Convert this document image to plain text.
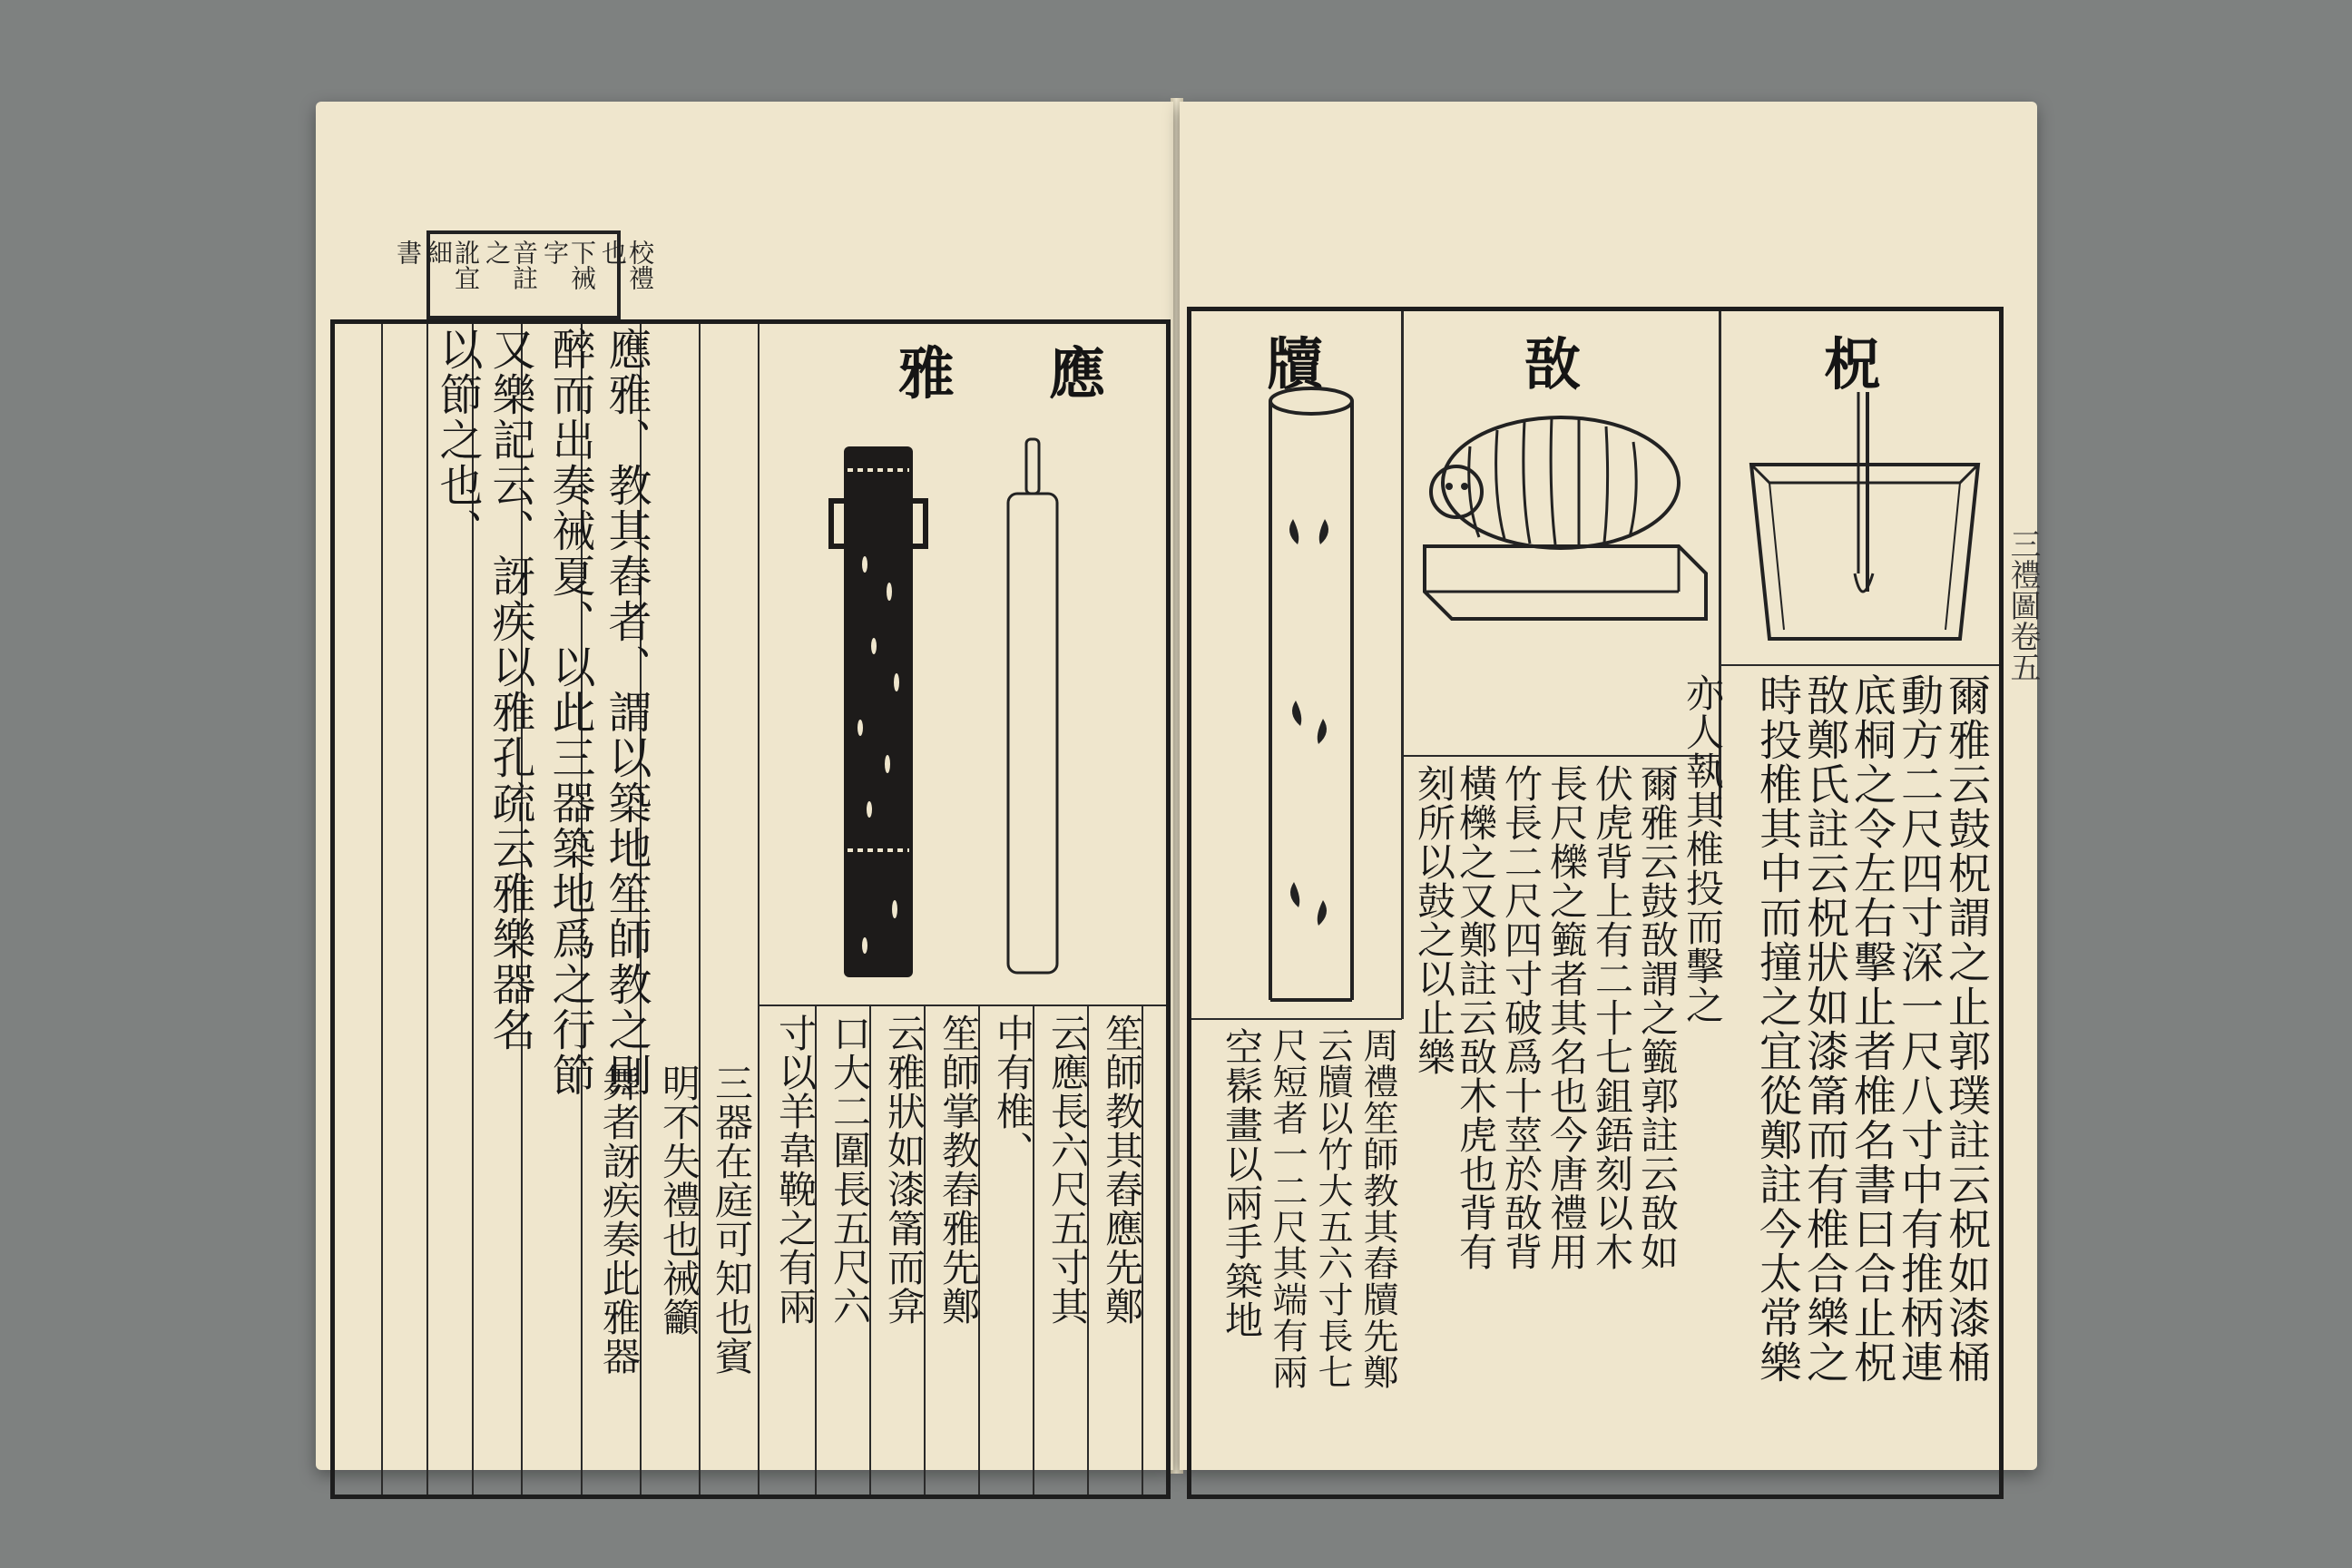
校禮也
下祴字
音註之
訛宜細
書
雅 應
應雅、教其舂者、謂以築地笙師教之則
醉而出奏祴夏、以此三器築地爲之行節
又樂記云、訝疾以雅孔疏云雅樂器名
以節之也、
三器在庭可知也賓
明不失禮也祴籲
舞者訝疾奏此雅器	笙師教其舂應先鄭
云應長六尺五寸其
中有椎、
笙師掌教舂雅先鄭
云雅狀如漆筩而弇
口大二圍長五尺六
寸以羊韋鞔之有兩
三禮圖卷五
柷
敔
牘
爾雅云鼓柷謂之止郭璞註云柷如漆桶
動方二尺四寸深一尺八寸中有推柄連
底桐之令左右擊止者椎名書曰合止柷
敔鄭氏註云柷狀如漆筩而有椎合樂之
時投椎其中而撞之宜從鄭註今太常樂
亦人執其椎投而擊之
爾雅云鼓敔謂之籈郭註云敔如
伏虎背上有二十七鉏鋙刻以木
長尺櫟之籈者其名也今唐禮用
竹長二尺四寸破爲十莖於敔背
橫櫟之又鄭註云敔木虎也背有
刻所以鼓之以止樂
周禮笙師教其舂牘先鄭
云牘以竹大五六寸長七
尺短者一二尺其端有兩
空髹畫以兩手築地
